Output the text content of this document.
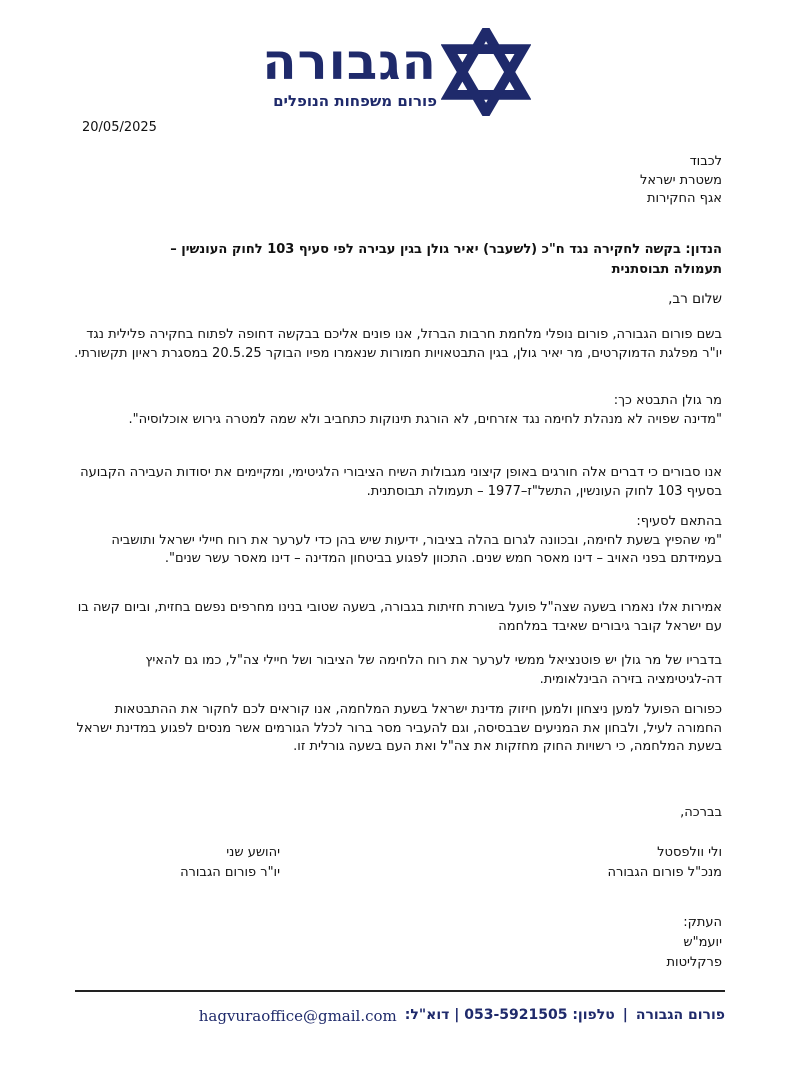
הגבורה
פורום משפחות הנופלים
20/05/2025

לכבוד

משטרת ישראל

אגף החקירות

הנדון: בקשה לחקירה נגד ח"כ (לשעבר) יאיר גולן בגין עבירה לפי סעיף 103 לחוק העונשין –

תעמולה תבוסתנית

שלום רב,

בשם פורום הגבורה, פורום נופלי מלחמת חרבות הברזל, אנו פונים אליכם בבקשה דחופה לפתוח בחקירה פלילית נגד יו"ר מפלגת הדמוקרטים, מר יאיר גולן, בגין התבטאויות חמורות שנאמרו מפיו הבוקר 20.5.25 במסגרת ראיון תקשורתי.

מר גולן התבטא כך:

"מדינה שפויה לא מנהלת לחימה נגד אזרחים, לא הורגת תינוקות כתחביב ולא שמה למטרה גירוש אוכלוסיה".

אנו סבורים כי דברים אלה חורגים באופן קיצוני מגבולות השיח הציבורי הלגיטימי, ומקיימים את יסודות העבירה הקבועה בסעיף 103 לחוק העונשין, התשל"ז–1977 – תעמולה תבוסתנית.

בהתאם לסעיף:

"מי שהפיץ בשעת לחימה, ובכוונה לגרום בהלה בציבור, ידיעות שיש בהן כדי לערער את רוח חיילי ישראל ותושביה בעמידתם בפני האויב – דינו מאסר חמש שנים. התכוון לפגוע בביטחון המדינה – דינו מאסר עשר שנים".

אמירות אלו נאמרו בשעה שצה"ל פועל בשורת חזיתות בגבורה, בשעה שטובי בנינו מחרפים נפשם בחזית, וביום קשה בו עם ישראל קובר גיבורים שאיבד במלחמה

בדבריו של מר גולן יש פוטנציאל ממשי לערער את רוח הלחימה של הציבור ושל חיילי צה"ל, כמו גם להאיץ דה-לגיטימציה בזירה הבינלאומית.

כפורום הפועל למען ניצחון ולמען חיזוק מדינת ישראל בשעת המלחמה, אנו קוראים לכם לחקור את ההתבטאות החמורה לעיל, ולבחון את המניעים שבבסיסה, וגם להעביר מסר ברור לכלל הגורמים אשר מנסים לפגוע במדינת ישראל בשעת המלחמה, כי רשויות החוק מחזקות את צה"ל ואת העם בשעה גורלית זו.

בברכה,

ולי וולפסטל
מנכ"ל פורום הגבורה
יהושע שני
יו"ר פורום הגבורה

העתק:

יועמ"ש

פרקליטות

פורום הגבורה
|
טלפון: 053-5921505 | דוא"ל:
hagvuraoffice@gmail.com
